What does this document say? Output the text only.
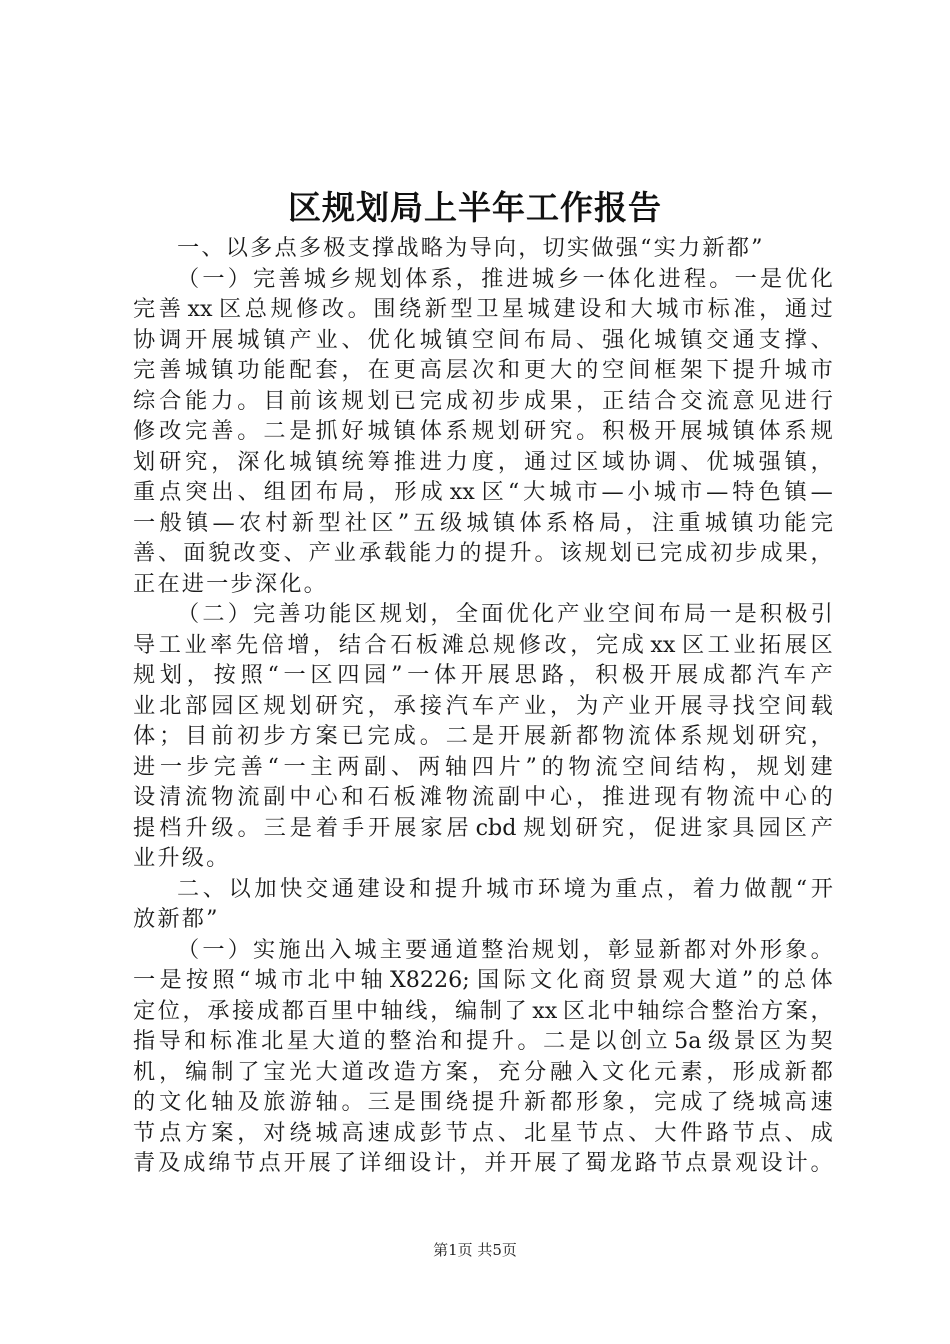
区规划局上半年工作报告
一 、 以 多 点 多 极 支 撑 战 略 为 导 向 ， 切 实 做 强 “ 实 力 新 都 ”
（ 一 ） 完 善 城 乡 规 划 体 系 ， 推 进 城 乡 一 体 化 进 程 。 一 是 优 化
完 善 xx 区 总 规 修 改 。 围 绕 新 型 卫 星 城 建 设 和 大 城 市 标 准 ， 通 过
协 调 开 展 城 镇 产 业 、 优 化 城 镇 空 间 布 局 、 强 化 城 镇 交 通 支 撑 、
完 善 城 镇 功 能 配 套 ， 在 更 高 层 次 和 更 大 的 空 间 框 架 下 提 升 城 市
综 合 能 力 。 目 前 该 规 划 已 完 成 初 步 成 果 ， 正 结 合 交 流 意 见 进 行
修 改 完 善 。 二 是 抓 好 城 镇 体 系 规 划 研 究 。 积 极 开 展 城 镇 体 系 规
划 研 究 ， 深 化 城 镇 统 筹 推 进 力 度 ， 通 过 区 域 协 调 、 优 城 强 镇 ，
重 点 突 出 、 组 团 布 局 ， 形 成 xx 区 “ 大 城 市 — 小 城 市 — 特 色 镇 —
一 般 镇 — 农 村 新 型 社 区 ” 五 级 城 镇 体 系 格 局 ， 注 重 城 镇 功 能 完
善 、 面 貌 改 变 、 产 业 承 载 能 力 的 提 升 。 该 规 划 已 完 成 初 步 成 果 ，
正 在 进 一 步 深 化 。
（ 二 ） 完 善 功 能 区 规 划 ， 全 面 优 化 产 业 空 间 布 局 一 是 积 极 引
导 工 业 率 先 倍 增 ， 结 合 石 板 滩 总 规 修 改 ， 完 成 xx 区 工 业 拓 展 区
规 划 ， 按 照 “ 一 区 四 园 ” 一 体 开 展 思 路 ， 积 极 开 展 成 都 汽 车 产
业 北 部 园 区 规 划 研 究 ， 承 接 汽 车 产 业 ， 为 产 业 开 展 寻 找 空 间 载
体 ； 目 前 初 步 方 案 已 完 成 。 二 是 开 展 新 都 物 流 体 系 规 划 研 究 ，
进 一 步 完 善 “ 一 主 两 副 、 两 轴 四 片 ” 的 物 流 空 间 结 构 ， 规 划 建
设 清 流 物 流 副 中 心 和 石 板 滩 物 流 副 中 心 ， 推 进 现 有 物 流 中 心 的
提 档 升 级 。 三 是 着 手 开 展 家 居 cbd 规 划 研 究 ， 促 进 家 具 园 区 产
业 升 级 。
二 、 以 加 快 交 通 建 设 和 提 升 城 市 环 境 为 重 点 ， 着 力 做 靓 “ 开
放 新 都 ”
（ 一 ） 实 施 出 入 城 主 要 通 道 整 治 规 划 ， 彰 显 新 都 对 外 形 象 。
一 是 按 照 “ 城 市 北 中 轴 X8226; 国 际 文 化 商 贸 景 观 大 道 ” 的 总 体
定 位 ， 承 接 成 都 百 里 中 轴 线 ， 编 制 了 xx 区 北 中 轴 综 合 整 治 方 案 ，
指 导 和 标 准 北 星 大 道 的 整 治 和 提 升 。 二 是 以 创 立 5a 级 景 区 为 契
机 ， 编 制 了 宝 光 大 道 改 造 方 案 ， 充 分 融 入 文 化 元 素 ， 形 成 新 都
的 文 化 轴 及 旅 游 轴 。 三 是 围 绕 提 升 新 都 形 象 ， 完 成 了 绕 城 高 速
节 点 方 案 ， 对 绕 城 高 速 成 彭 节 点 、 北 星 节 点 、 大 件 路 节 点 、 成
青 及 成 绵 节 点 开 展 了 详 细 设 计 ， 并 开 展 了 蜀 龙 路 节 点 景 观 设 计 。
第1页 共5页
